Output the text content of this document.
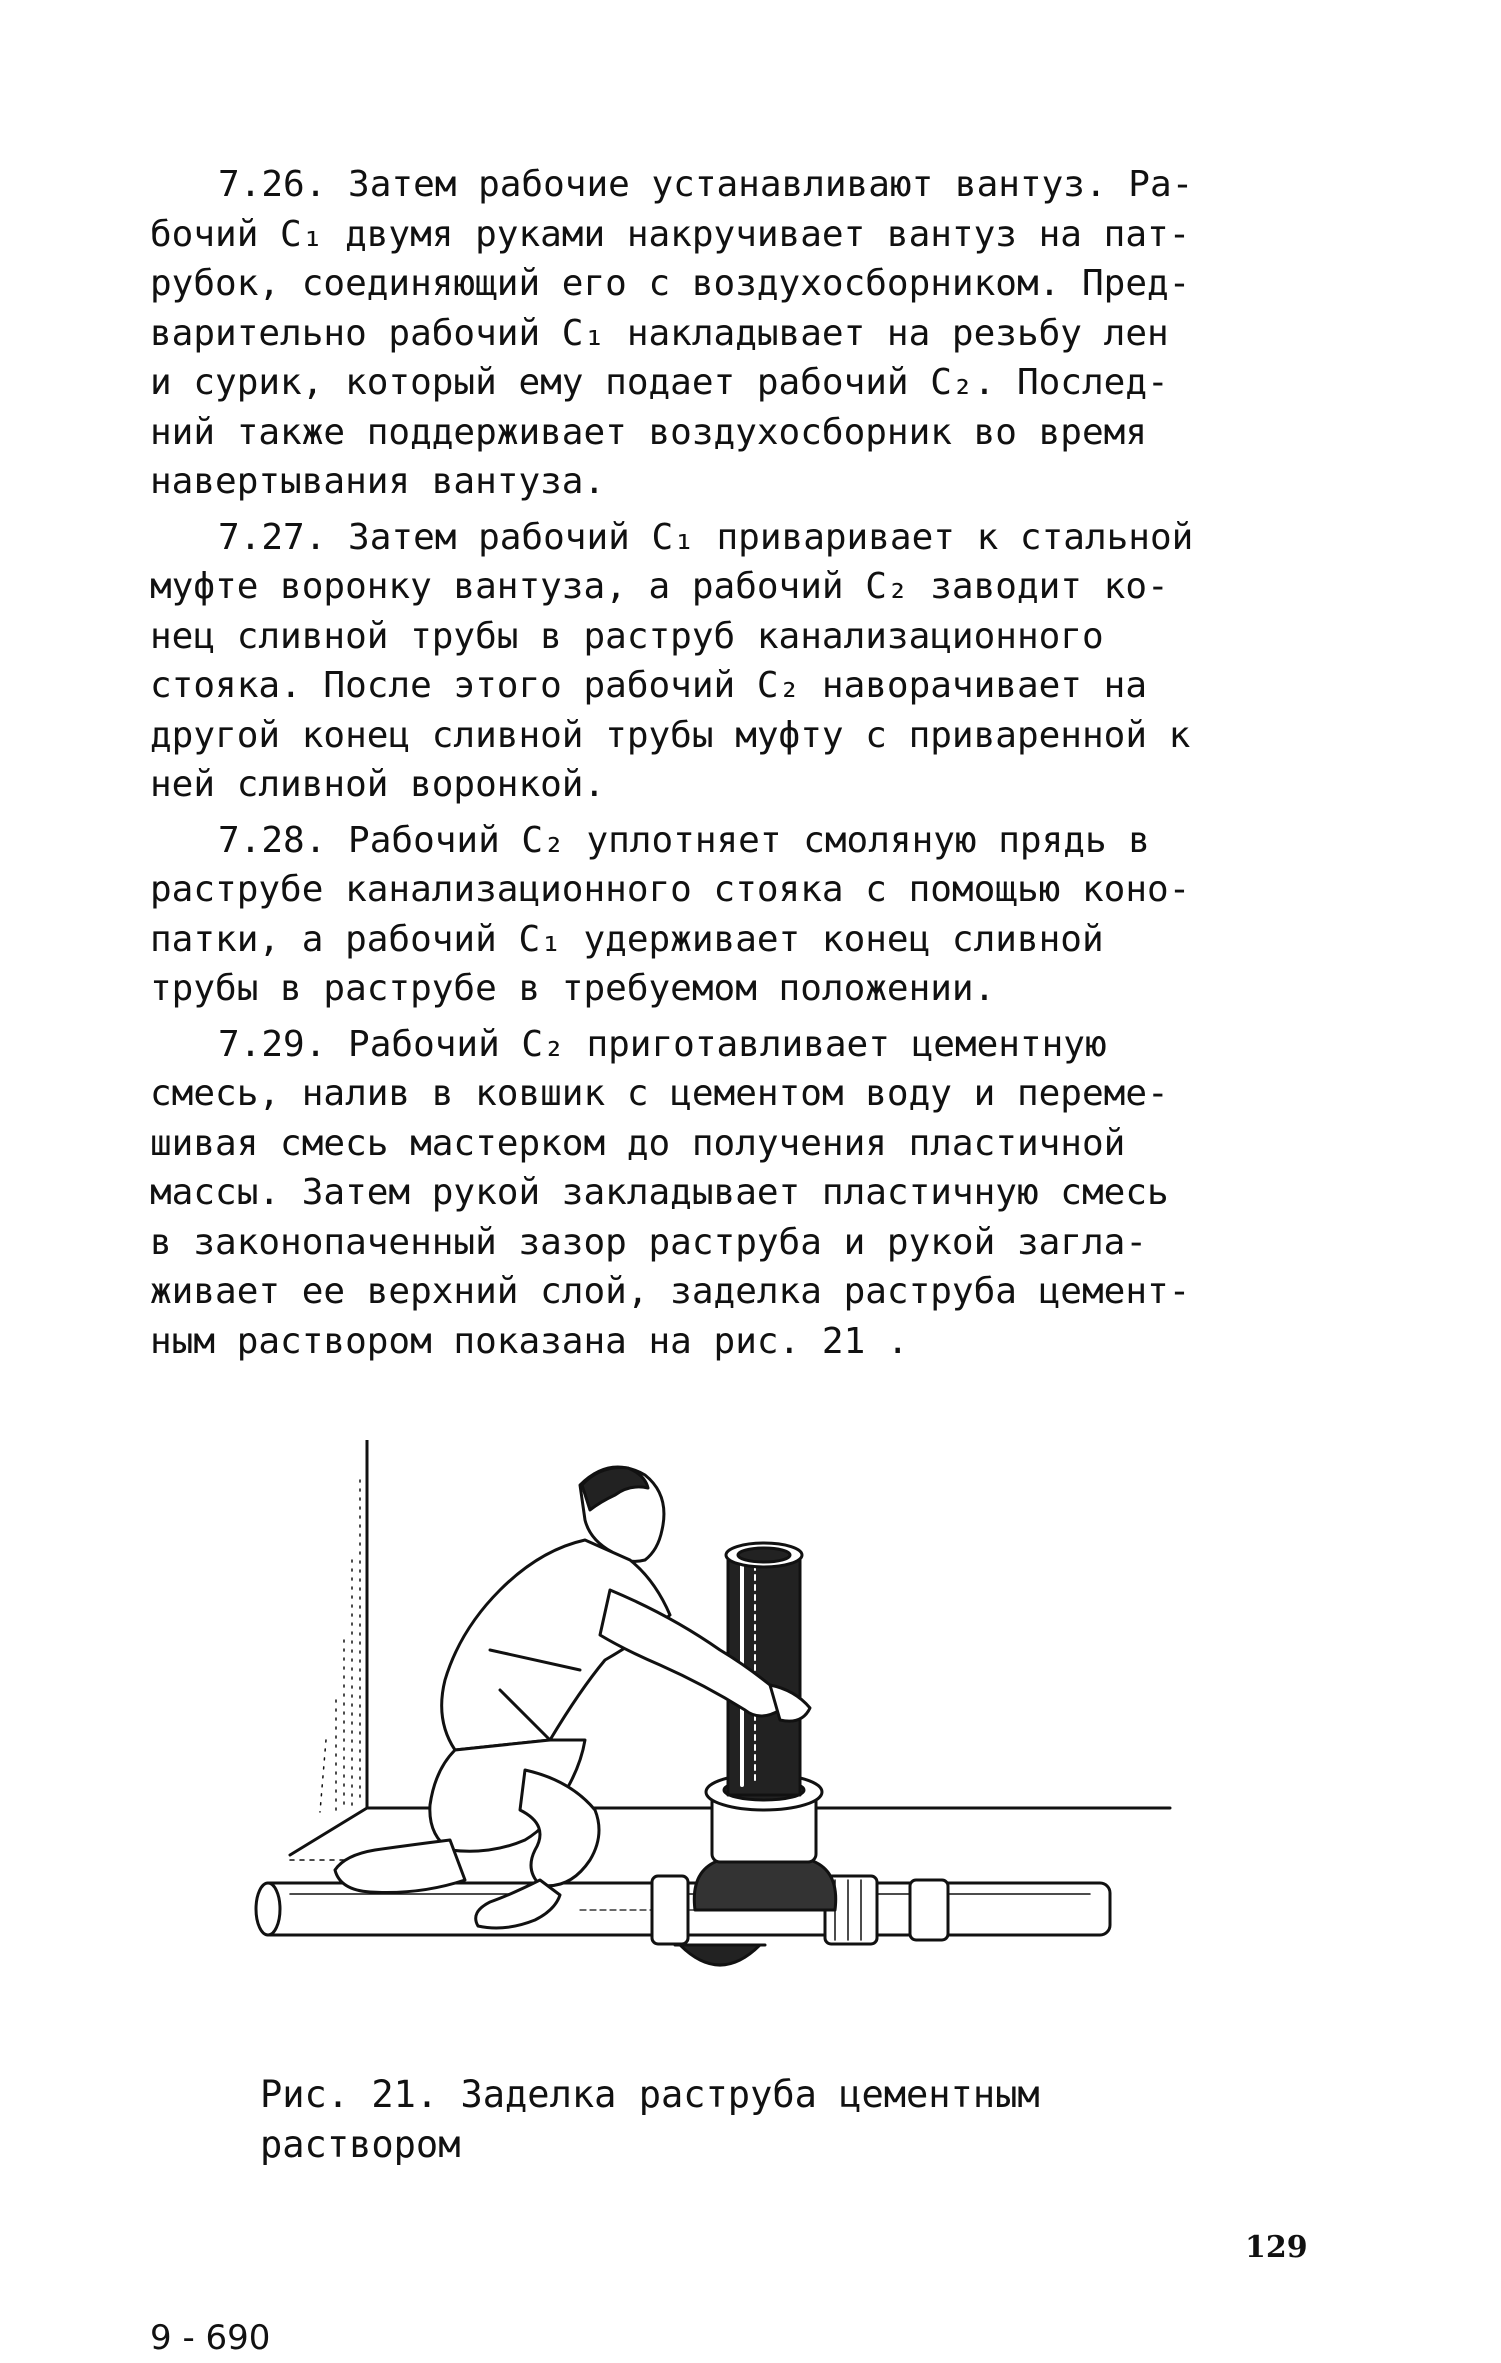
7.26. Затем рабочие устанавливают вантуз. Ра-
бочий С₁ двумя руками накручивает вантуз на пат-
рубок, соединяющий его с воздухосборником. Пред-
варительно рабочий С₁ накладывает на резьбу лен
и сурик, который ему подает рабочий С₂. Послед-
ний также поддерживает воздухосборник во время
навертывания вантуза.

7.27. Затем рабочий С₁ приваривает к стальной
муфте воронку вантуза, а рабочий С₂ заводит ко-
нец сливной трубы в раструб канализационного
стояка. После этого рабочий С₂ наворачивает на
другой конец сливной трубы муфту с приваренной к
ней сливной воронкой.

7.28. Рабочий С₂ уплотняет смоляную прядь в
раструбе канализационного стояка с помощью коно-
патки, а рабочий С₁ удерживает конец сливной
трубы в раструбе в требуемом положении.

7.29. Рабочий С₂ приготавливает цементную
смесь, налив в ковшик с цементом воду и переме-
шивая смесь мастерком до получения пластичной
массы. Затем рукой закладывает пластичную смесь
в законопаченный зазор раструба и рукой загла-
живает ее верхний слой, заделка раструба цемент-
ным раствором показана на рис. 21 .

Рис. 21. Заделка раструба цементным
раствором
129
9 - 690
